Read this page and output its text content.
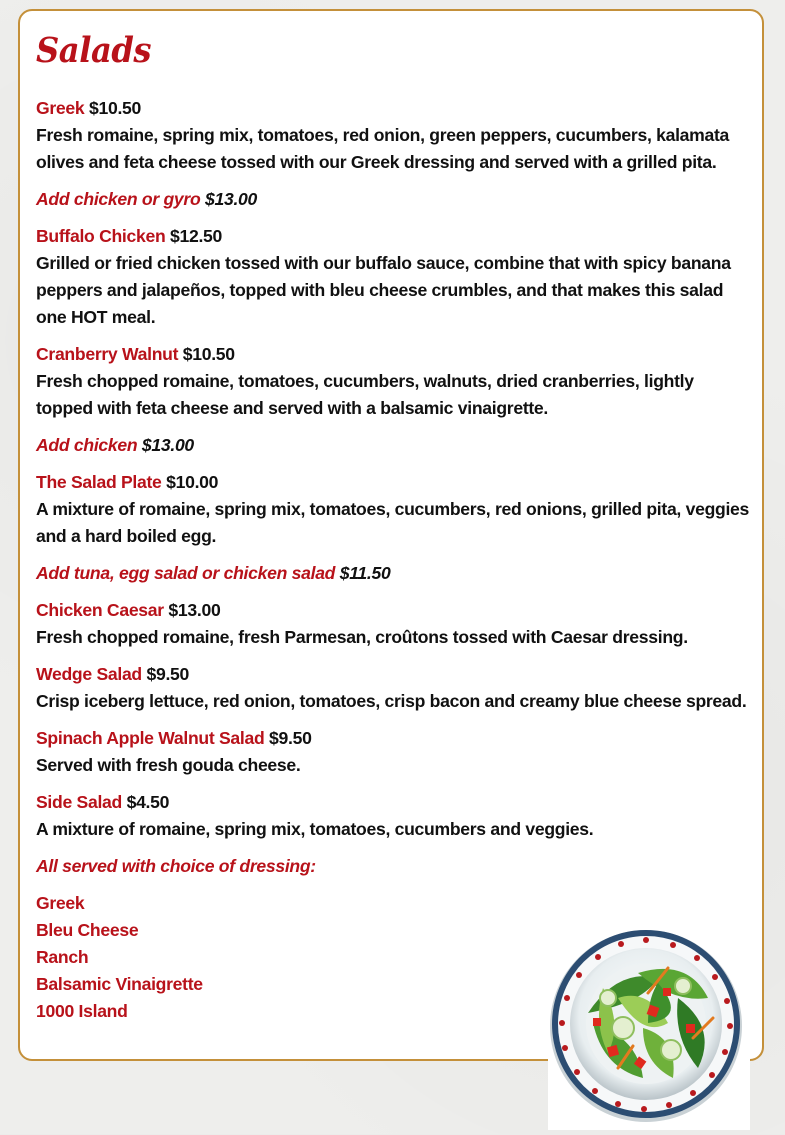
Salads
Greek $10.50
Fresh romaine, spring mix, tomatoes, red onion, green peppers, cucumbers, kalamata olives and feta cheese tossed with our Greek dressing and served with a grilled pita.
Add chicken or gyro $13.00
Buffalo Chicken $12.50
Grilled or fried chicken tossed with our buffalo sauce, combine that with spicy banana peppers and jalapeños, topped with bleu cheese crumbles, and that makes this salad one HOT meal.
Cranberry Walnut $10.50
Fresh chopped romaine, tomatoes, cucumbers, walnuts, dried cranberries, lightly topped with feta cheese and served with a balsamic vinaigrette.
Add chicken $13.00
The Salad Plate $10.00
A mixture of romaine, spring mix, tomatoes, cucumbers, red onions, grilled pita, veggies and a hard boiled egg.
Add tuna, egg salad or chicken salad $11.50
Chicken Caesar $13.00
Fresh chopped romaine, fresh Parmesan, croûtons tossed with Caesar dressing.
Wedge Salad $9.50
Crisp iceberg lettuce, red onion, tomatoes, crisp bacon and creamy blue cheese spread.
Spinach Apple Walnut Salad $9.50
Served with fresh gouda cheese.
Side Salad $4.50
A mixture of romaine, spring mix, tomatoes, cucumbers and veggies.
All served with choice of dressing:
Greek
Bleu Cheese
Ranch
Balsamic Vinaigrette
1000 Island
